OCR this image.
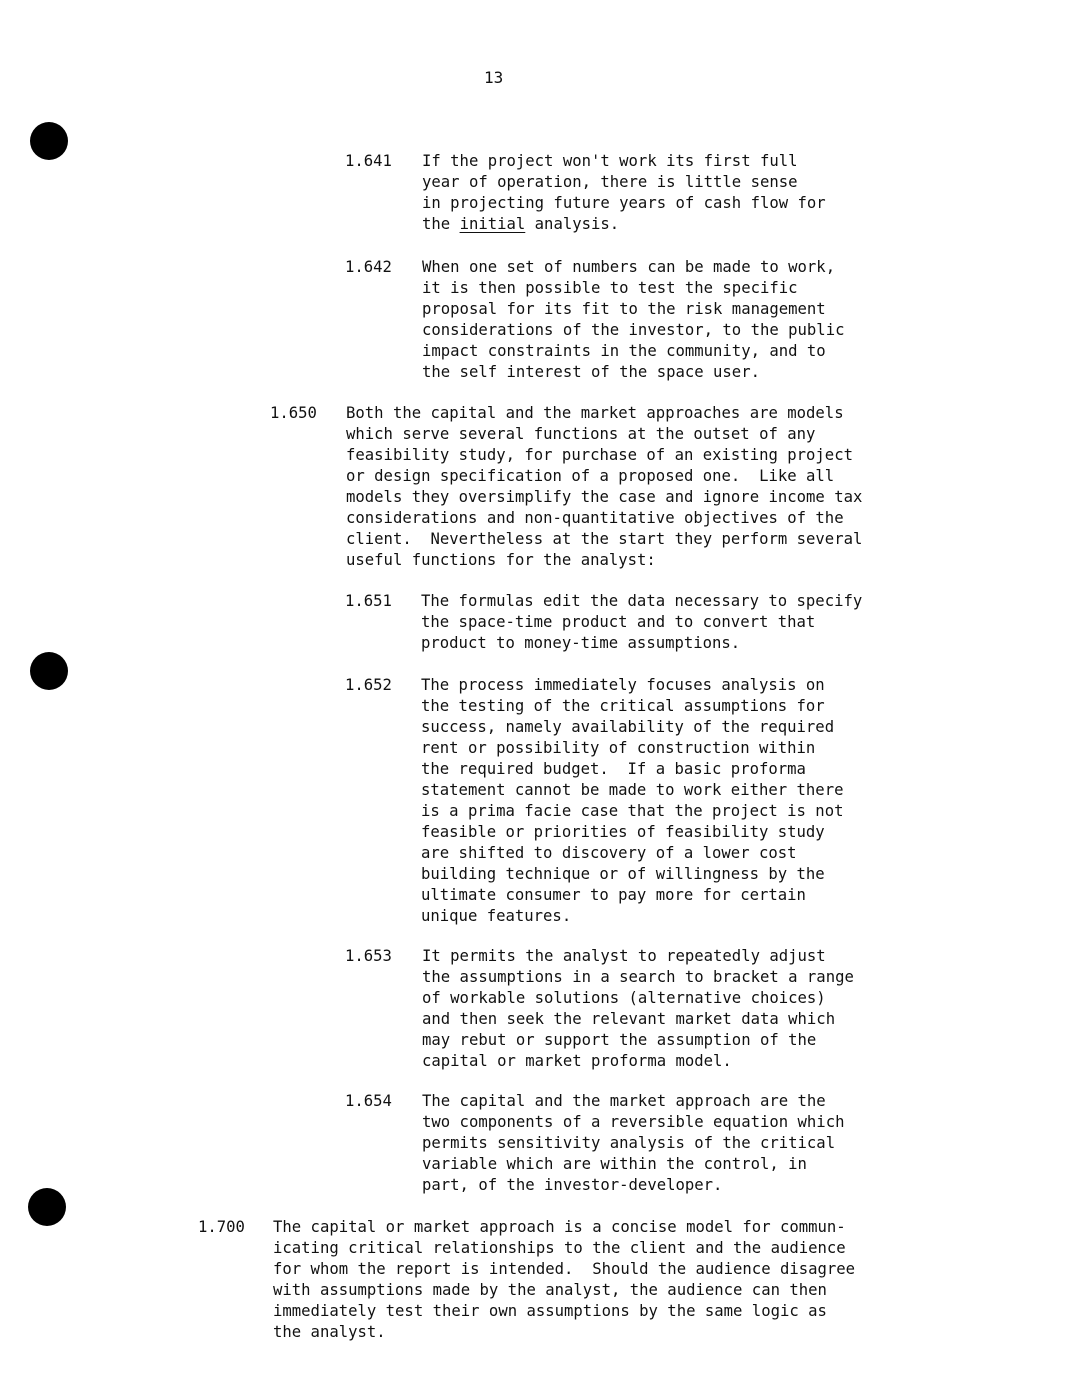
13
1.641 If the project won't work its first full
year of operation, there is little sense
in projecting future years of cash flow for
the initial analysis.
1.642 When one set of numbers can be made to work,
it is then possible to test the specific
proposal for its fit to the risk management
considerations of the investor, to the public
impact constraints in the community, and to
the self interest of the space user.
1.650 Both the capital and the market approaches are models
which serve several functions at the outset of any
feasibility study, for purchase of an existing project
or design specification of a proposed one.  Like all
models they oversimplify the case and ignore income tax
considerations and non-quantitative objectives of the
client.  Nevertheless at the start they perform several
useful functions for the analyst:
1.651 The formulas edit the data necessary to specify
the space-time product and to convert that
product to money-time assumptions.
1.652 The process immediately focuses analysis on
the testing of the critical assumptions for
success, namely availability of the required
rent or possibility of construction within
the required budget.  If a basic proforma
statement cannot be made to work either there
is a prima facie case that the project is not
feasible or priorities of feasibility study
are shifted to discovery of a lower cost
building technique or of willingness by the
ultimate consumer to pay more for certain
unique features.
1.653 It permits the analyst to repeatedly adjust
the assumptions in a search to bracket a range
of workable solutions (alternative choices)
and then seek the relevant market data which
may rebut or support the assumption of the
capital or market proforma model.
1.654 The capital and the market approach are the
two components of a reversible equation which
permits sensitivity analysis of the critical
variable which are within the control, in
part, of the investor-developer.
1.700 The capital or market approach is a concise model for commun-
icating critical relationships to the client and the audience
for whom the report is intended.  Should the audience disagree
with assumptions made by the analyst, the audience can then
immediately test their own assumptions by the same logic as
the analyst.
